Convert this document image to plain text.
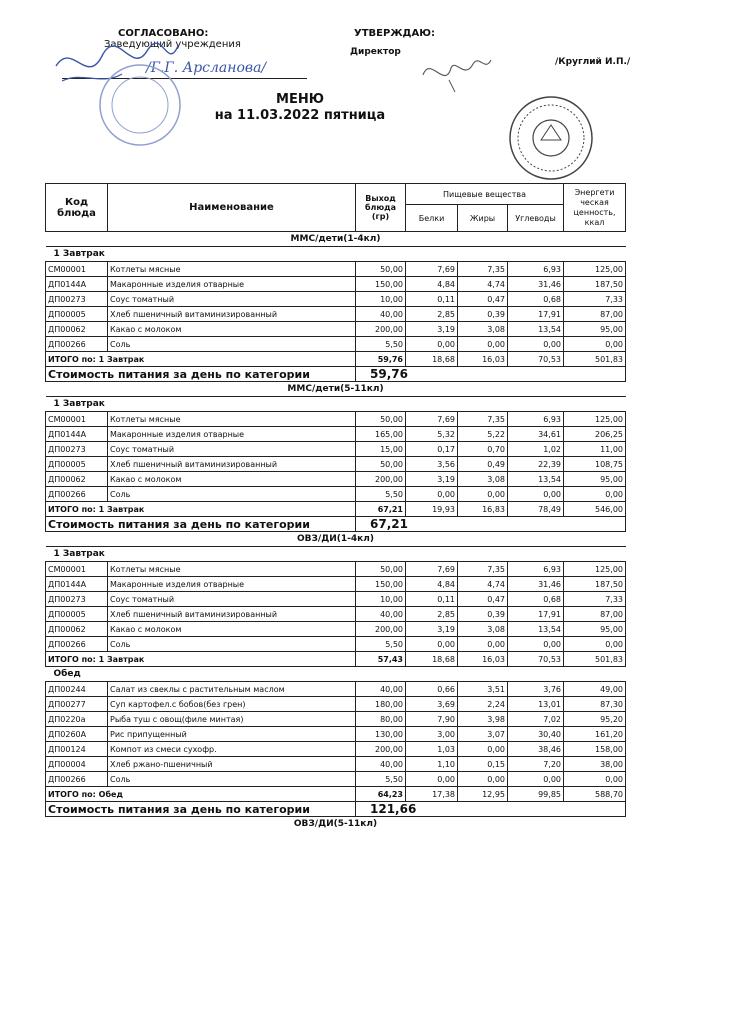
СОГЛАСОВАНО:
Заведующий учреждения
/Г.Г. Арсланова/
УТВЕРЖДАЮ:
Директор
/Круглий И.П./
МЕНЮ
на 11.03.2022 пятница
Код блюда	Наименование	Выход блюда (гр)	Пищевые вещества			Энергети ческая ценность, ккал
			Белки	Жиры	Углеводы	
ММС/дети(1-4кл)						
1 Завтрак						
СМ00001	Котлеты мясные	50,00	7,69	7,35	6,93	125,00
ДП0144А	Макаронные изделия отварные	150,00	4,84	4,74	31,46	187,50
ДП00273	Соус томатный	10,00	0,11	0,47	0,68	7,33
ДП00005	Хлеб пшеничный витаминизированный	40,00	2,85	0,39	17,91	87,00
ДП00062	Какао с молоком	200,00	3,19	3,08	13,54	95,00
ДП00266	Соль	5,50	0,00	0,00	0,00	0,00
ИТОГО по: 1 Завтрак		59,76	18,68	16,03	70,53	501,83
Стоимость питания за день по категории		59,76				
ММС/дети(5-11кл)						
1 Завтрак						
СМ00001	Котлеты мясные	50,00	7,69	7,35	6,93	125,00
ДП0144А	Макаронные изделия отварные	165,00	5,32	5,22	34,61	206,25
ДП00273	Соус томатный	15,00	0,17	0,70	1,02	11,00
ДП00005	Хлеб пшеничный витаминизированный	50,00	3,56	0,49	22,39	108,75
ДП00062	Какао с молоком	200,00	3,19	3,08	13,54	95,00
ДП00266	Соль	5,50	0,00	0,00	0,00	0,00
ИТОГО по: 1 Завтрак		67,21	19,93	16,83	78,49	546,00
Стоимость питания за день по категории		67,21				
ОВЗ/ДИ(1-4кл)						
1 Завтрак						
СМ00001	Котлеты мясные	50,00	7,69	7,35	6,93	125,00
ДП0144А	Макаронные изделия отварные	150,00	4,84	4,74	31,46	187,50
ДП00273	Соус томатный	10,00	0,11	0,47	0,68	7,33
ДП00005	Хлеб пшеничный витаминизированный	40,00	2,85	0,39	17,91	87,00
ДП00062	Какао с молоком	200,00	3,19	3,08	13,54	95,00
ДП00266	Соль	5,50	0,00	0,00	0,00	0,00
ИТОГО по: 1 Завтрак		57,43	18,68	16,03	70,53	501,83
Обед						
ДП00244	Салат из свеклы с растительным маслом	40,00	0,66	3,51	3,76	49,00
ДП00277	Суп картофел.с бобов(без грен)	180,00	3,69	2,24	13,01	87,30
ДП0220а	Рыба туш с овощ(филе минтая)	80,00	7,90	3,98	7,02	95,20
ДП0260А	Рис припущенный	130,00	3,00	3,07	30,40	161,20
ДП00124	Компот из смеси сухофр.	200,00	1,03	0,00	38,46	158,00
ДП00004	Хлеб ржано-пшеничный	40,00	1,10	0,15	7,20	38,00
ДП00266	Соль	5,50	0,00	0,00	0,00	0,00
ИТОГО по: Обед		64,23	17,38	12,95	99,85	588,70
Стоимость питания за день по категории		121,66				
ОВЗ/ДИ(5-11кл)						
